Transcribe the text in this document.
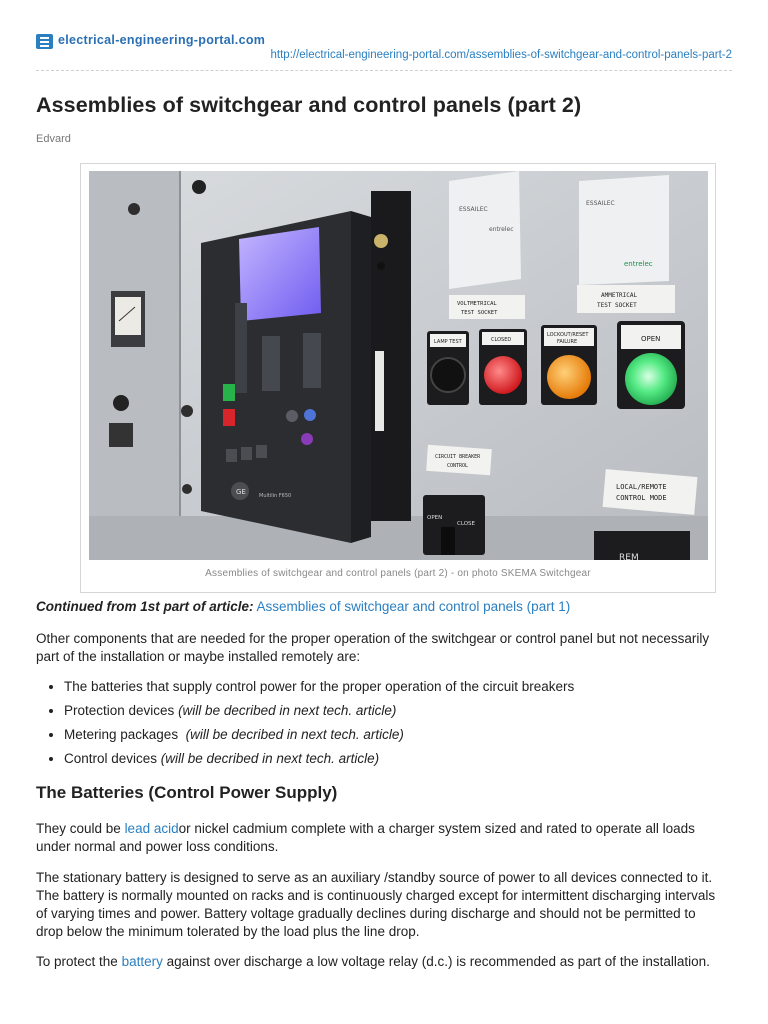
electrical-engineering-portal.com
http://electrical-engineering-portal.com/assemblies-of-switchgear-and-control-panels-part-2
Assemblies of switchgear and control panels (part 2)
Edvard
GE	Multilin F650
ESSAILEC
entrelec
ESSAILEC
entrelec
VOLTMETRICAL
TEST SOCKET
AMMETRICAL
TEST SOCKET
LAMP TEST	CLOSED
LOCKOUT/RESET
FAILURE	OPEN
CIRCUIT BREAKER
CONTROL
LOCAL/REMOTE
CONTROL MODE
OPEN
CLOSE
REM
Assemblies of switchgear and control panels (part 2) - on photo SKEMA Switchgear

Continued from 1st part of article: Assemblies of switchgear and control panels (part 1)

Other components that are needed for the proper operation of the switchgear or control panel but not necessarily part of the installation or maybe installed remotely are:

• The batteries that supply control power for the proper operation of the circuit breakers
• Protection devices (will be decribed in next tech. article)
• Metering packages  (will be decribed in next tech. article)
• Control devices (will be decribed in next tech. article)
The Batteries (Control Power Supply)

They could be lead acidor nickel cadmium complete with a charger system sized and rated to operate all loads under normal and power loss conditions.

The stationary battery is designed to serve as an auxiliary /standby source of power to all devices connected to it. The battery is normally mounted on racks and is continuously charged except for intermittent discharging intervals of varying times and power. Battery voltage gradually declines during discharge and should not be permitted to drop below the minimum tolerated by the load plus the line drop.

To protect the battery against over discharge a low voltage relay (d.c.) is recommended as part of the installation.
